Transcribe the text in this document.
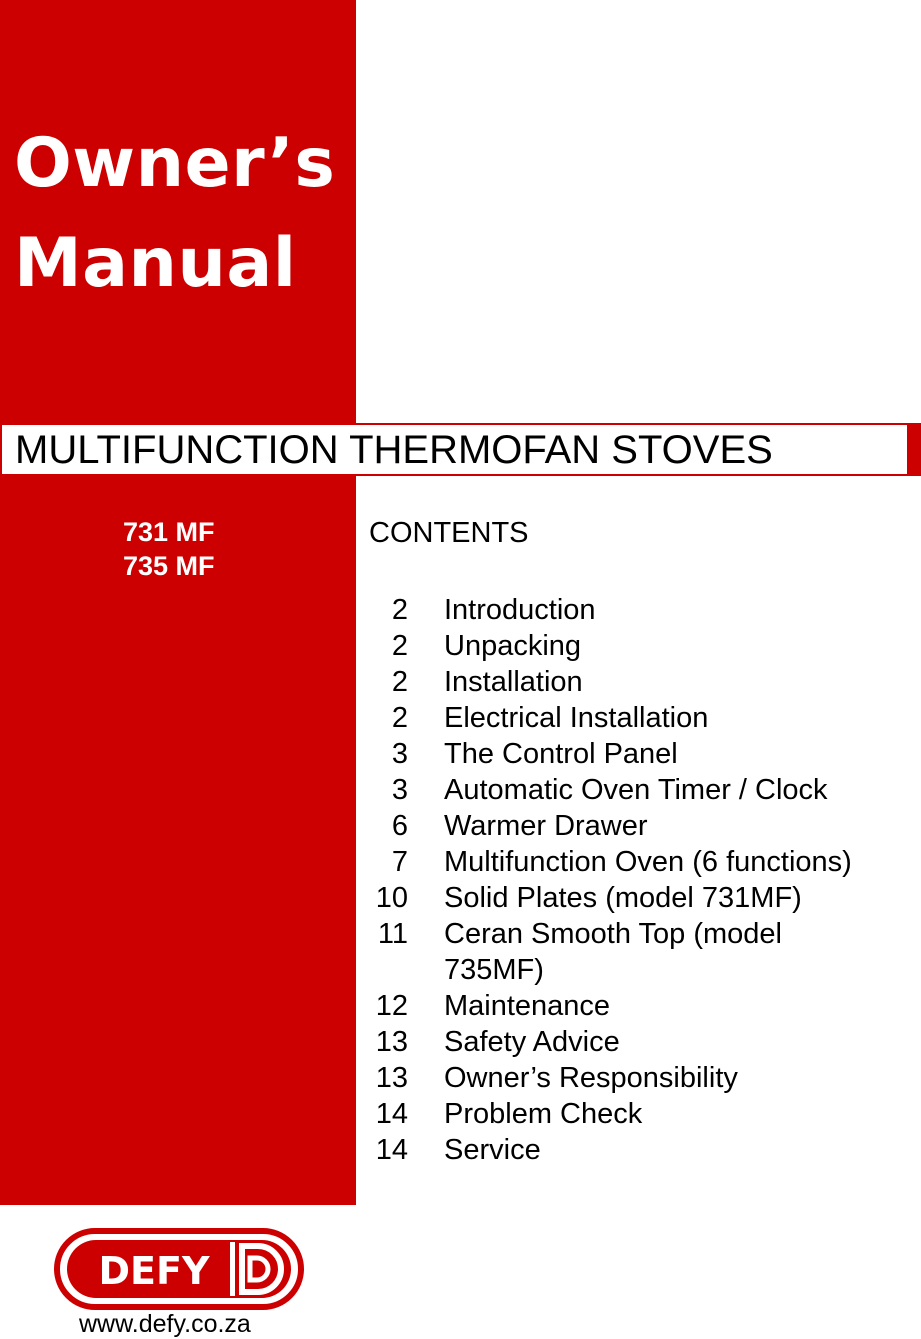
Owner’s
Manual
MULTIFUNCTION THERMOFAN STOVES
731 MF
735 MF
CONTENTS
2 Introduction
2 Unpacking
2 Installation
2 Electrical Installation
3 The Control Panel
3 Automatic Oven Timer / Clock
6 Warmer Drawer
7 Multifunction Oven (6 functions)
10 Solid Plates (model 731MF)
11 Ceran Smooth Top (model 735MF)
12 Maintenance
13 Safety Advice
13 Owner’s Responsibility
14 Problem Check
14 Service
DEFY
www.defy.co.za
